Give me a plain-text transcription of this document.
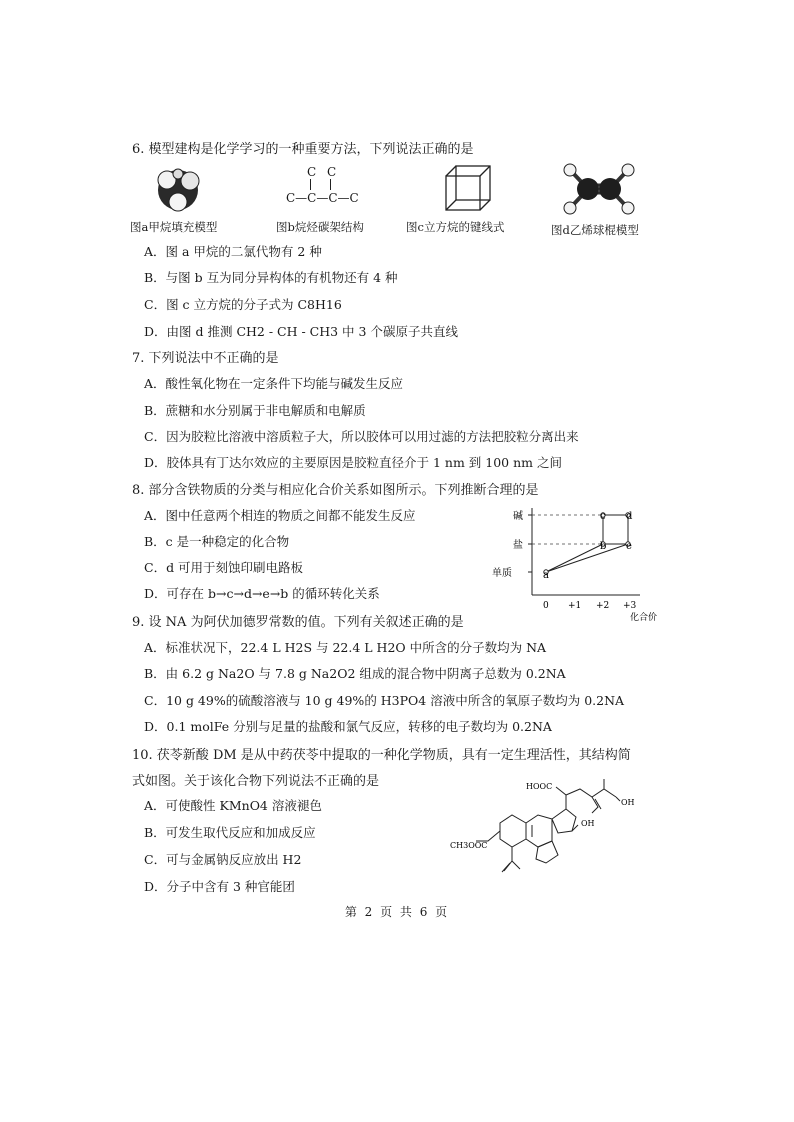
6. 模型建构是化学学习的一种重要方法，下列说法正确的是
图a甲烷填充模型
C C
C—C—C—C
图b烷烃碳架结构	图c立方烷的键线式	图d乙烯球棍模型
A．图 a 甲烷的二氯代物有 2 种
B．与图 b 互为同分异构体的有机物还有 4 种
C．图 c 立方烷的分子式为 C8H16
D．由图 d 推测 CH2 - CH - CH3 中 3 个碳原子共直线
7. 下列说法中不正确的是
A．酸性氧化物在一定条件下均能与碱发生反应
B．蔗糖和水分别属于非电解质和电解质
C．因为胶粒比溶液中溶质粒子大，所以胶体可以用过滤的方法把胶粒分离出来
D．胶体具有丁达尔效应的主要原因是胶粒直径介于 1 nm 到 100 nm 之间
8. 部分含铁物质的分类与相应化合价关系如图所示。下列推断合理的是
A．图中任意两个相连的物质之间都不能发生反应
B．c 是一种稳定的化合物
C．d 可用于刻蚀印刷电路板
D．可存在 b→c→d→e→b 的循环转化关系
碱
盐
单质	a
b
c d
e
0 +1 +2 +3
化合价
9. 设 NA 为阿伏加德罗常数的值。下列有关叙述正确的是
A．标准状况下，22.4 L H2S 与 22.4 L H2O 中所含的分子数均为 NA
B．由 6.2 g Na2O 与 7.8 g Na2O2 组成的混合物中阴离子总数为 0.2NA
C．10 g 49%的硫酸溶液与 10 g 49%的 H3PO4 溶液中所含的氧原子数均为 0.2NA
D．0.1 molFe 分别与足量的盐酸和氯气反应，转移的电子数均为 0.2NA
10. 茯苓新酸 DM 是从中药茯苓中提取的一种化学物质，具有一定生理活性，其结构简
式如图。关于该化合物下列说法不正确的是
A．可使酸性 KMnO4 溶液褪色
B．可发生取代反应和加成反应
C．可与金属钠反应放出 H2
D．分子中含有 3 种官能团
HOOC
OH
OH
CH3OOC
第 2 页 共 6 页
